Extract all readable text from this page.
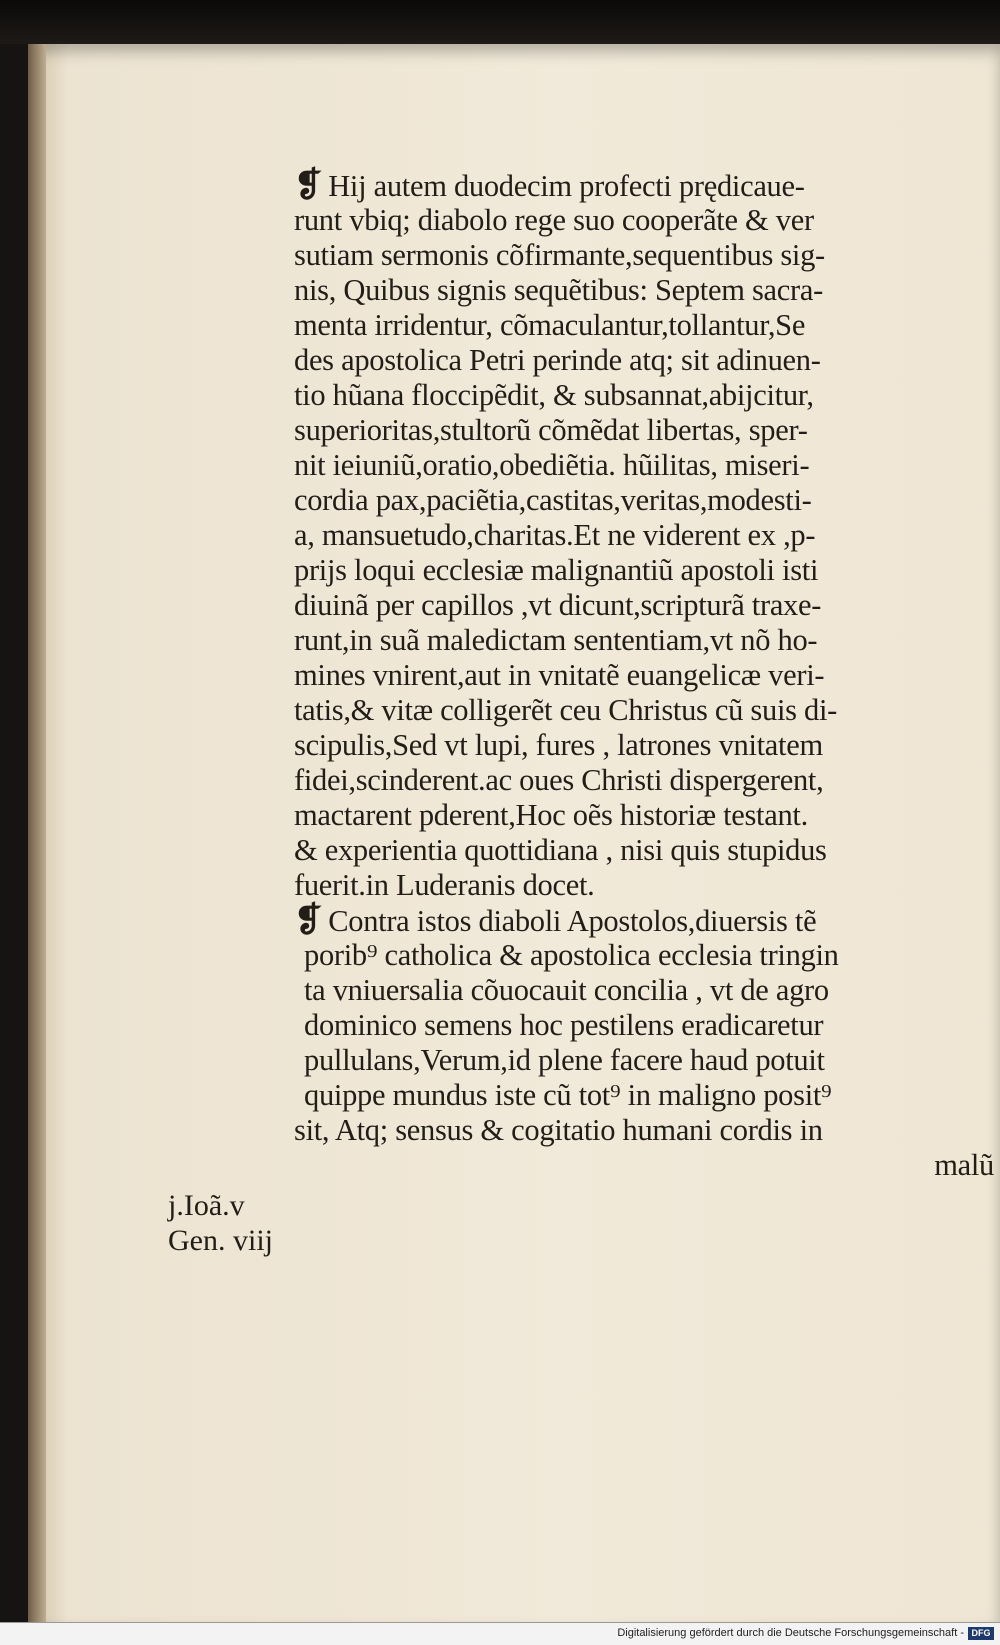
❡ Hij autem duodecim profecti prędicaue-
runt vbiq; diabolo rege suo cooperãte & ver
sutiam sermonis cõfirmante,sequentibus sig-
nis, Quibus signis sequẽtibus: Septem sacra-
menta irridentur, cõmaculantur,tollantur,Se
des apostolica Petri perinde atq; sit adinuen-
tio hũana floccipẽdit, & subsannat,abijcitur,
superioritas,stultorũ cõmẽdat libertas, sper-
nit ieiuniũ,oratio,obediẽtia. hũilitas, miseri-
cordia pax,paciẽtia,castitas,veritas,modesti-
a, mansuetudo,charitas.Et ne viderent ex ,p-
prijs loqui ecclesiæ malignantiũ apostoli isti
diuinã per capillos ,vt dicunt,scripturã traxe-
runt,in suã maledictam sententiam,vt nõ ho-
mines vnirent,aut in vnitatẽ euangelicæ veri-
tatis,& vitæ colligerẽt ceu Christus cũ suis di-
scipulis,Sed vt lupi, fures , latrones vnitatem
fidei,scinderent.ac oues Christi dispergerent,
mactarent pderent,Hoc oẽs historiæ testant.
& experientia quottidiana , nisi quis stupidus
fuerit.in Luderanis docet.
❡ Contra istos diaboli Apostolos,diuersis tẽ
porib⁹ catholica & apostolica ecclesia tringin
ta vniuersalia cõuocauit concilia , vt de agro
dominico semens hoc pestilens eradicaretur
pullulans,Verum,id plene facere haud potuit
quippe mundus iste cũ tot⁹ in maligno posit⁹
sit, Atq; sensus & cogitatio humani cordis in
malũ
j.Ioã.v
Gen. viij
Digitalisierung gefördert durch die Deutsche Forschungsgemeinschaft - DFG
